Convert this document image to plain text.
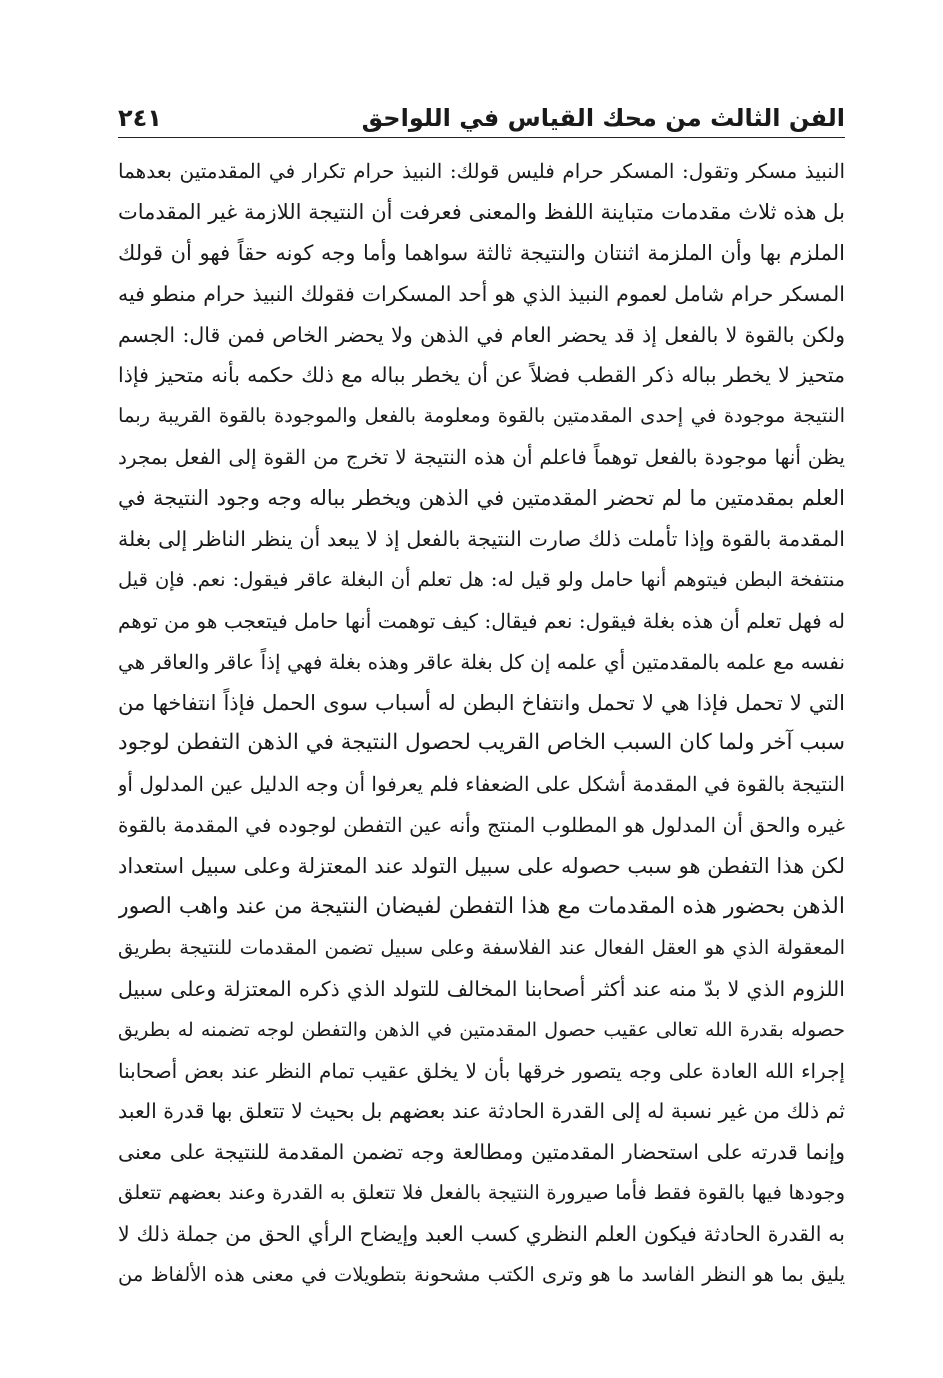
الفن الثالث من محك القياس في اللواحق
٢٤١
النبيذ مسكر وتقول: المسكر حرام فليس قولك: النبيذ حرام تكرار في المقدمتين بعدهما
بل هذه ثلاث مقدمات متباينة اللفظ والمعنى فعرفت أن النتيجة اللازمة غير المقدمات
الملزم بها وأن الملزمة اثنتان والنتيجة ثالثة سواهما وأما وجه كونه حقاً فهو أن قولك
المسكر حرام شامل لعموم النبيذ الذي هو أحد المسكرات فقولك النبيذ حرام منطو فيه
ولكن بالقوة لا بالفعل إذ قد يحضر العام في الذهن ولا يحضر الخاص فمن قال: الجسم
متحيز لا يخطر بباله ذكر القطب فضلاً عن أن يخطر بباله مع ذلك حكمه بأنه متحيز فإذا
النتيجة موجودة في إحدى المقدمتين بالقوة ومعلومة بالفعل والموجودة بالقوة القريبة ربما
يظن أنها موجودة بالفعل توهماً فاعلم أن هذه النتيجة لا تخرج من القوة إلى الفعل بمجرد
العلم بمقدمتين ما لم تحضر المقدمتين في الذهن ويخطر بباله وجه وجود النتيجة في
المقدمة بالقوة وإذا تأملت ذلك صارت النتيجة بالفعل إذ لا يبعد أن ينظر الناظر إلى بغلة
منتفخة البطن فيتوهم أنها حامل ولو قيل له: هل تعلم أن البغلة عاقر فيقول: نعم. فإن قيل
له فهل تعلم أن هذه بغلة فيقول: نعم فيقال: كيف توهمت أنها حامل فيتعجب هو من توهم
نفسه مع علمه بالمقدمتين أي علمه إن كل بغلة عاقر وهذه بغلة فهي إذاً عاقر والعاقر هي
التي لا تحمل فإذا هي لا تحمل وانتفاخ البطن له أسباب سوى الحمل فإذاً انتفاخها من
سبب آخر ولما كان السبب الخاص القريب لحصول النتيجة في الذهن التفطن لوجود
النتيجة بالقوة في المقدمة أشكل على الضعفاء فلم يعرفوا أن وجه الدليل عين المدلول أو
غيره والحق أن المدلول هو المطلوب المنتج وأنه عين التفطن لوجوده في المقدمة بالقوة
لكن هذا التفطن هو سبب حصوله على سبيل التولد عند المعتزلة وعلى سبيل استعداد
الذهن بحضور هذه المقدمات مع هذا التفطن لفيضان النتيجة من عند واهب الصور
المعقولة الذي هو العقل الفعال عند الفلاسفة وعلى سبيل تضمن المقدمات للنتيجة بطريق
اللزوم الذي لا بدّ منه عند أكثر أصحابنا المخالف للتولد الذي ذكره المعتزلة وعلى سبيل
حصوله بقدرة الله تعالى عقيب حصول المقدمتين في الذهن والتفطن لوجه تضمنه له بطريق
إجراء الله العادة على وجه يتصور خرقها بأن لا يخلق عقيب تمام النظر عند بعض أصحابنا
ثم ذلك من غير نسبة له إلى القدرة الحادثة عند بعضهم بل بحيث لا تتعلق بها قدرة العبد
وإنما قدرته على استحضار المقدمتين ومطالعة وجه تضمن المقدمة للنتيجة على معنى
وجودها فيها بالقوة فقط فأما صيرورة النتيجة بالفعل فلا تتعلق به القدرة وعند بعضهم تتعلق
به القدرة الحادثة فيكون العلم النظري كسب العبد وإيضاح الرأي الحق من جملة ذلك لا
يليق بما هو النظر الفاسد ما هو وترى الكتب مشحونة بتطويلات في معنى هذه الألفاظ من
